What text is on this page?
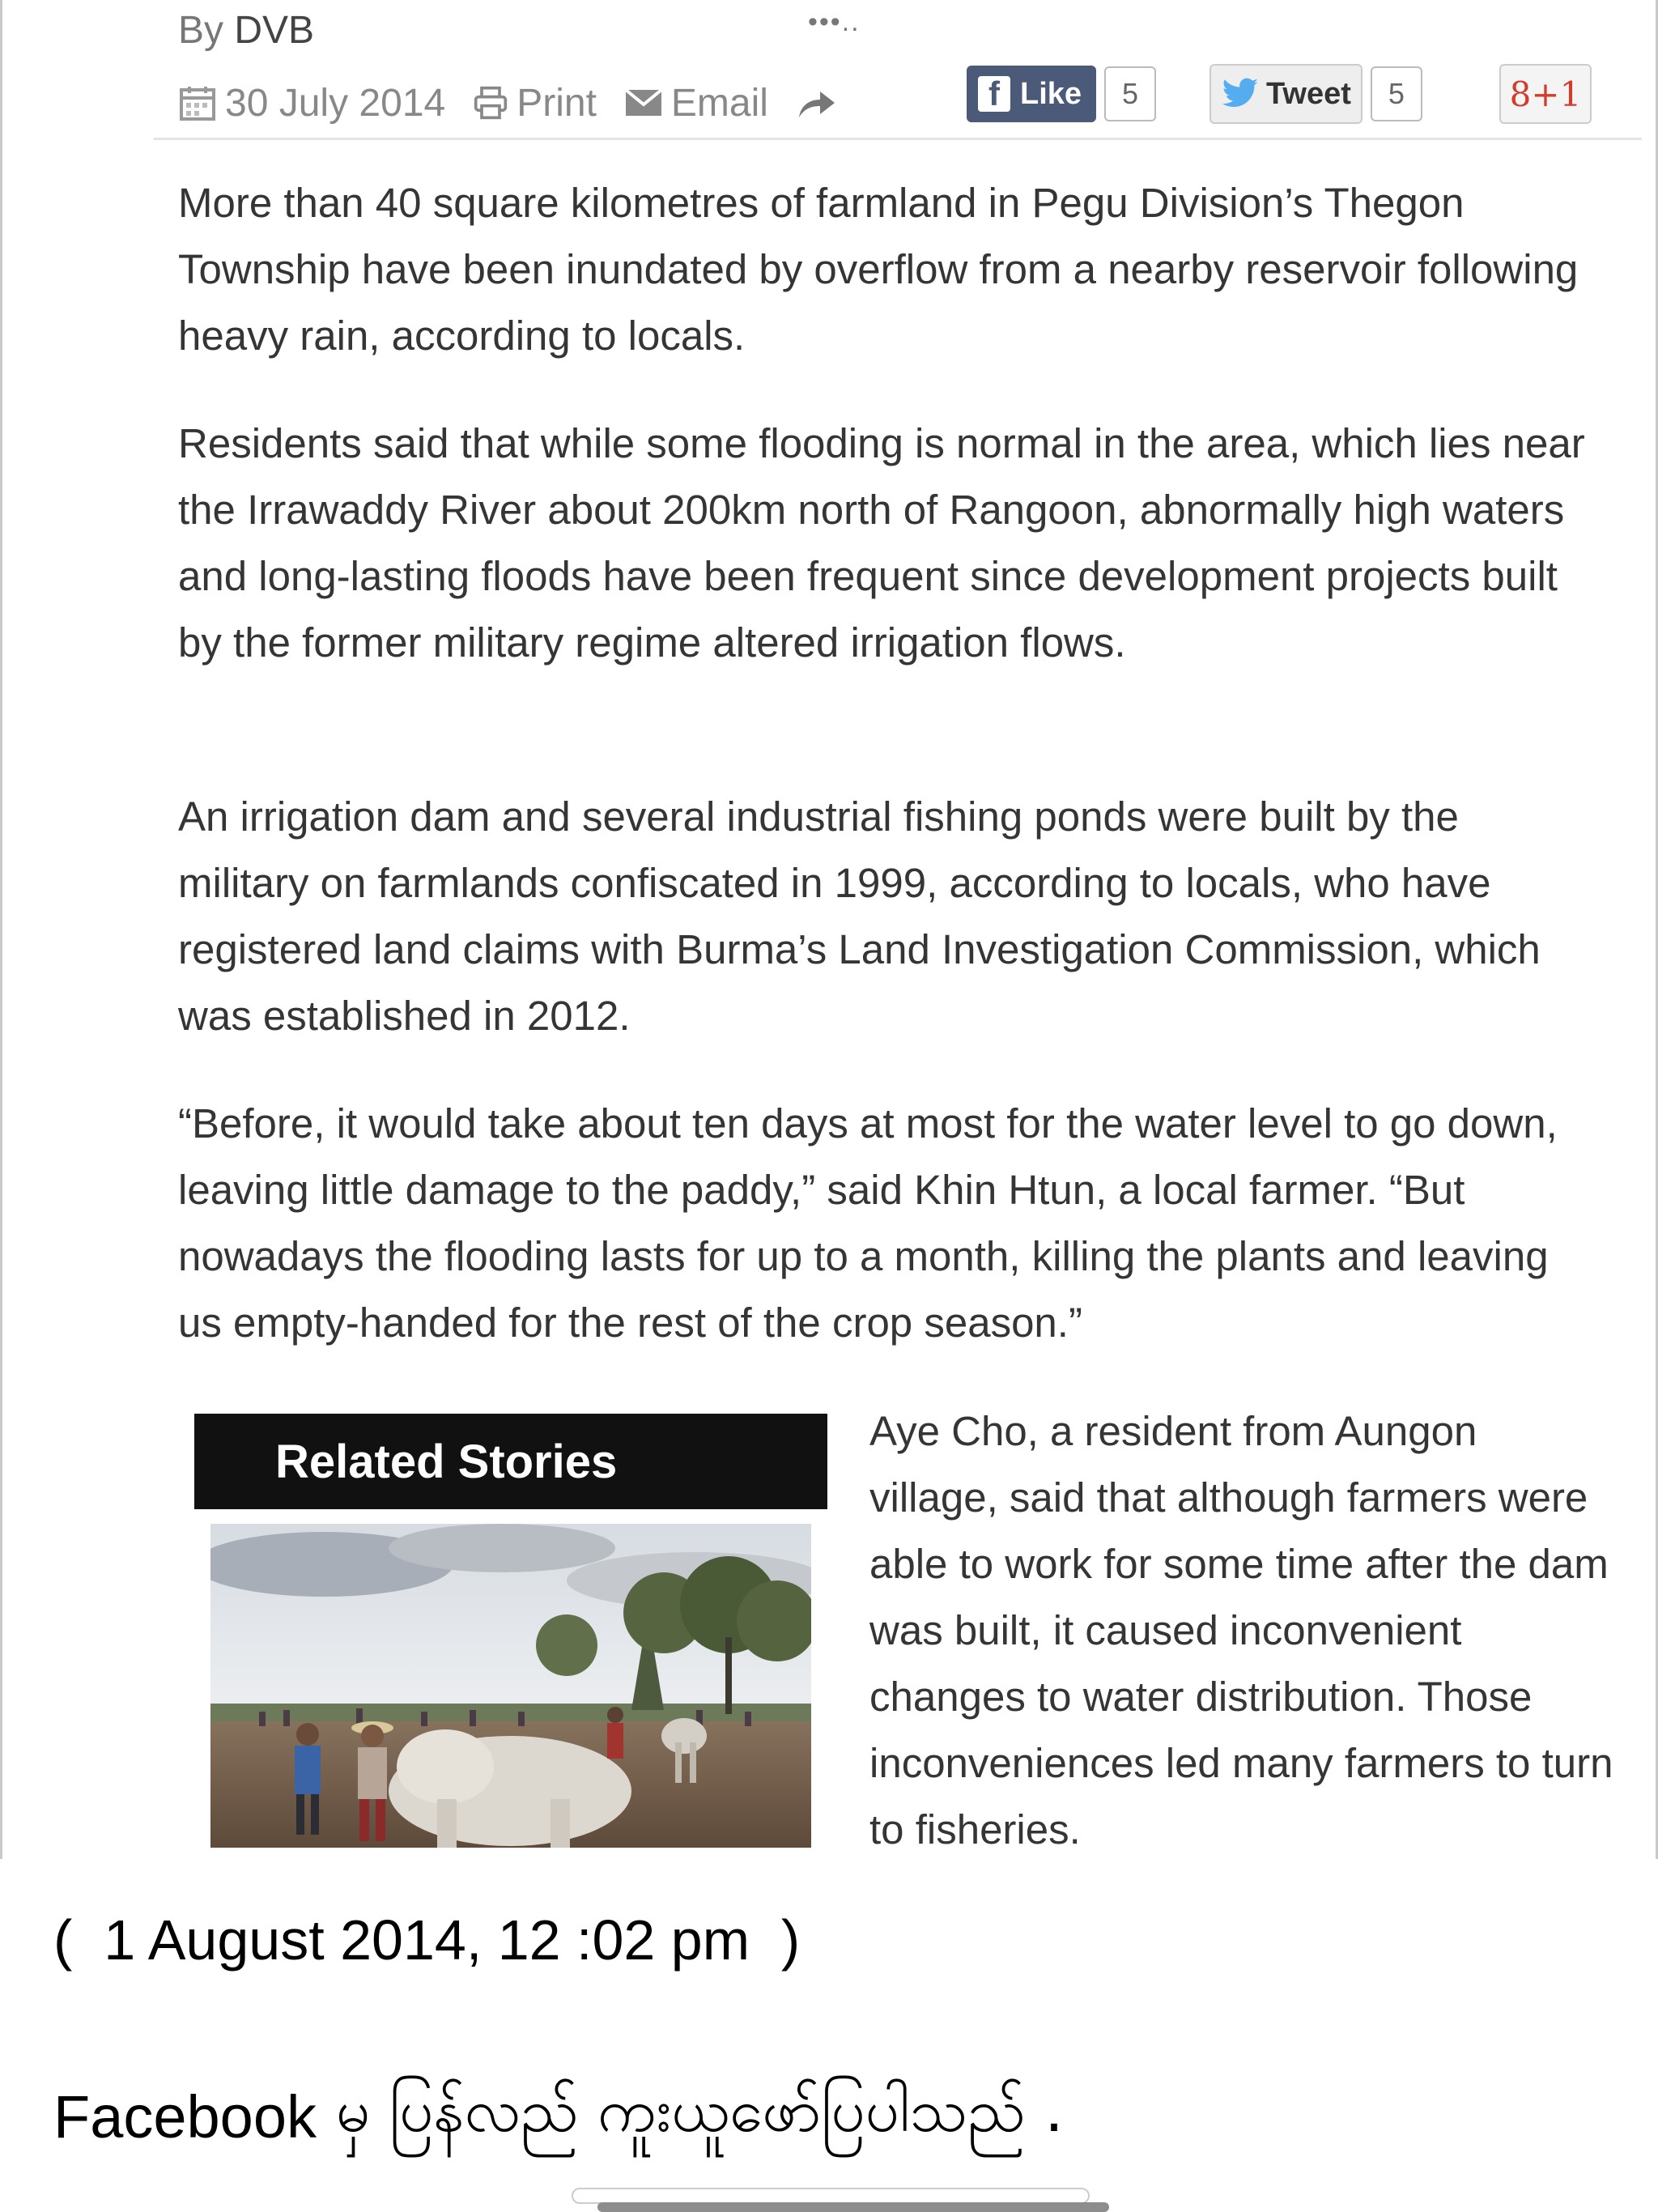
•••..
By DVB
30 July 2014 Print Email	f Like	5	Tweet	5	8+1

More than 40 square kilometres of farmland in Pegu Division’s Thegon Township have been inundated by overflow from a nearby reservoir following heavy rain, according to locals.

Residents said that while some flooding is normal in the area, which lies near the Irrawaddy River about 200km north of Rangoon, abnormally high waters and long-lasting floods have been frequent since development projects built by the former military regime altered irrigation flows.

An irrigation dam and several industrial fishing ponds were built by the military on farmlands confiscated in 1999, according to locals, who have registered land claims with Burma’s Land Investigation Commission, which was established in 2012.

“Before, it would take about ten days at most for the water level to go down, leaving little damage to the paddy,” said Khin Htun, a local farmer. “But nowadays the flooding lasts for up to a month, killing the plants and leaving us empty-handed for the rest of the crop season.”

Related Stories

Aye Cho, a resident from Aungon village, said that although farmers were able to work for some time after the dam was built, it caused inconvenient changes to water distribution. Those inconveniences led many farmers to turn to fisheries.

(  1 August 2014, 12 :02 pm  )
Facebook မှ ပြန်လည် ကူးယူဖော်ပြပါသည် .
